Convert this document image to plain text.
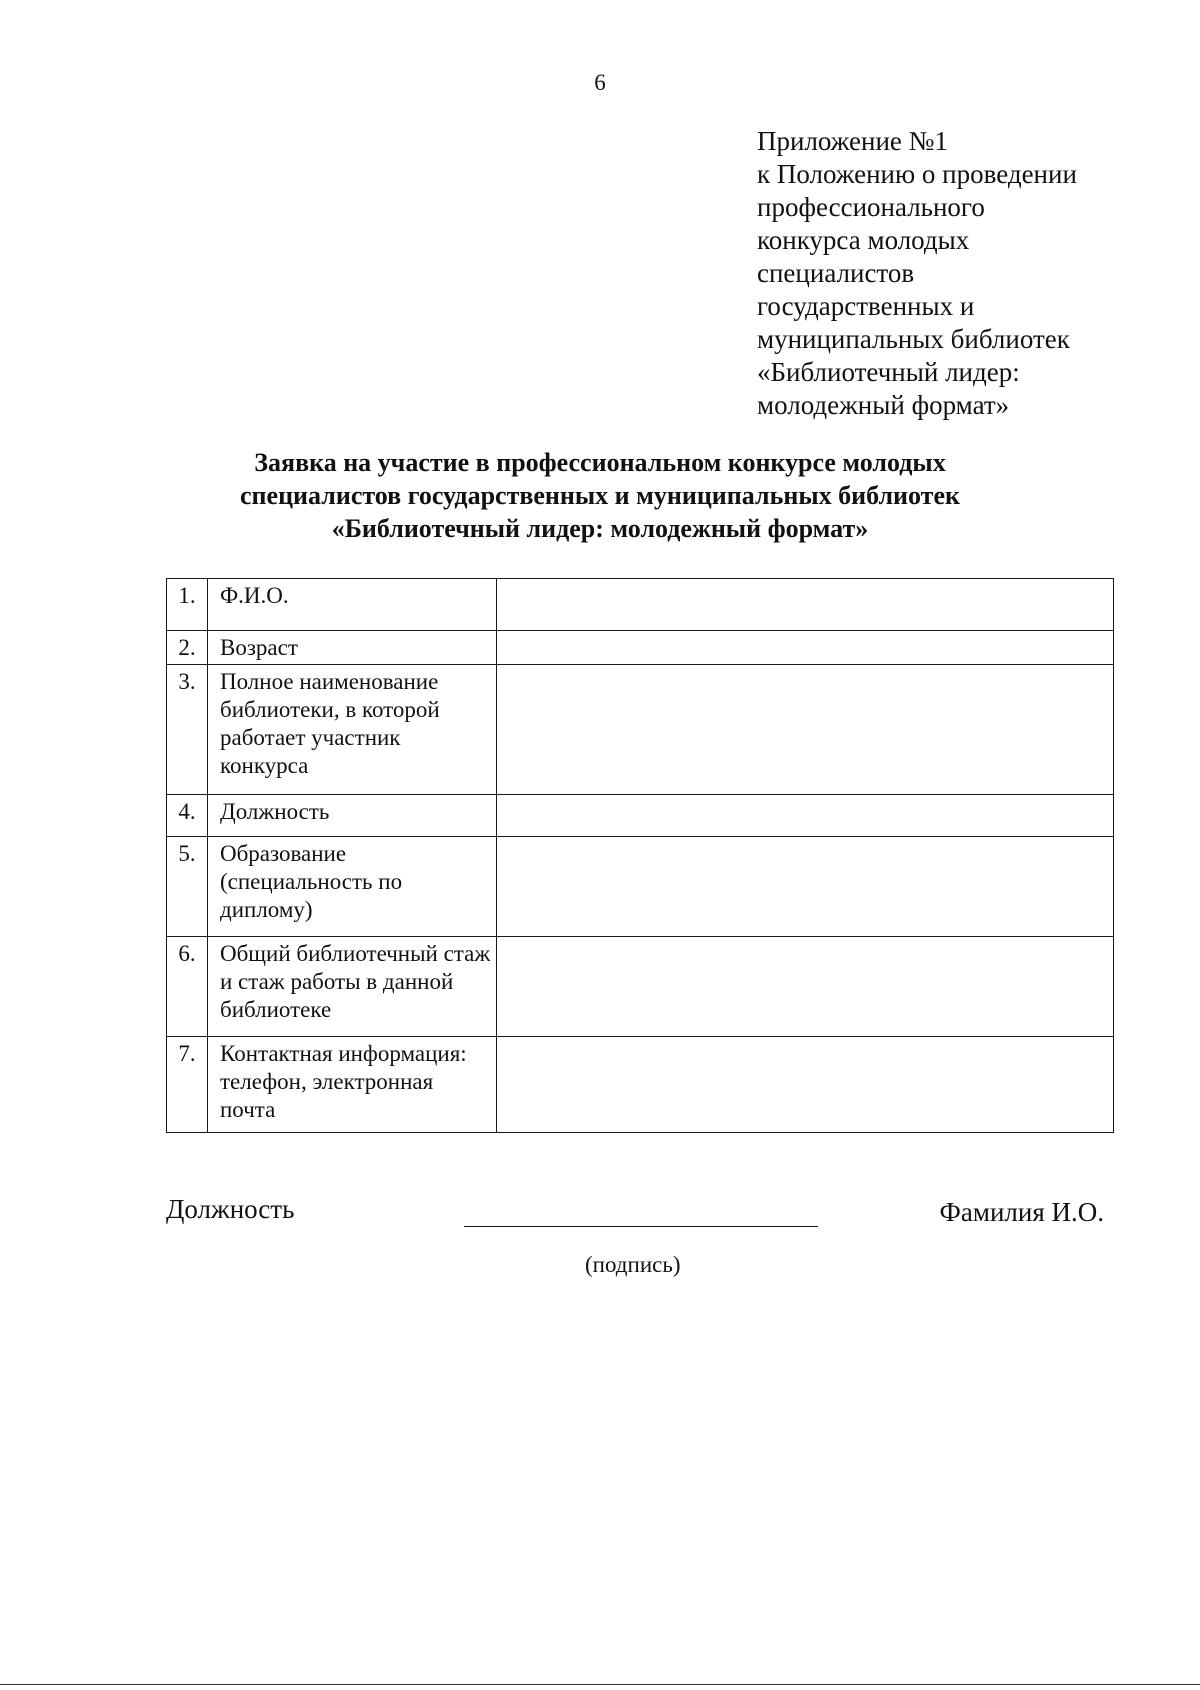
6
Приложение №1
к Положению о проведении
профессионального
конкурса молодых
специалистов
государственных и
муниципальных библиотек
«Библиотечный лидер:
молодежный формат»
Заявка на участие в профессиональном конкурсе молодых
специалистов государственных и муниципальных библиотек
«Библиотечный лидер: молодежный формат»
1.	Ф.И.О.	
2.	Возраст	
3.	Полное наименование библиотеки, в которой работает участник конкурса	
4.	Должность	
5.	Образование (специальность по диплому)	
6.	Общий библиотечный стаж и стаж работы в данной библиотеке	
7.	Контактная информация: телефон, электронная почта	
Должность	Фамилия И.О.
(подпись)
